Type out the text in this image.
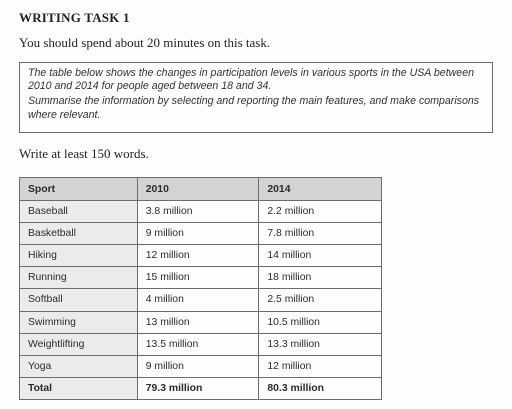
WRITING TASK 1
You should spend about 20 minutes on this task.

The table below shows the changes in participation levels in various sports in the USA between 2010 and 2014 for people aged between 18 and 34.

Summarise the information by selecting and reporting the main features, and make comparisons where relevant.

Write at least 150 words.
Sport	2010	2014
Baseball	3.8 million	2.2 million
Basketball	9 million	7.8 million
Hiking	12 million	14 million
Running	15 million	18 million
Softball	4 million	2.5 million
Swimming	13 million	10.5 million
Weightlifting	13.5 million	13.3 million
Yoga	9 million	12 million
Total	79.3 million	80.3 million
